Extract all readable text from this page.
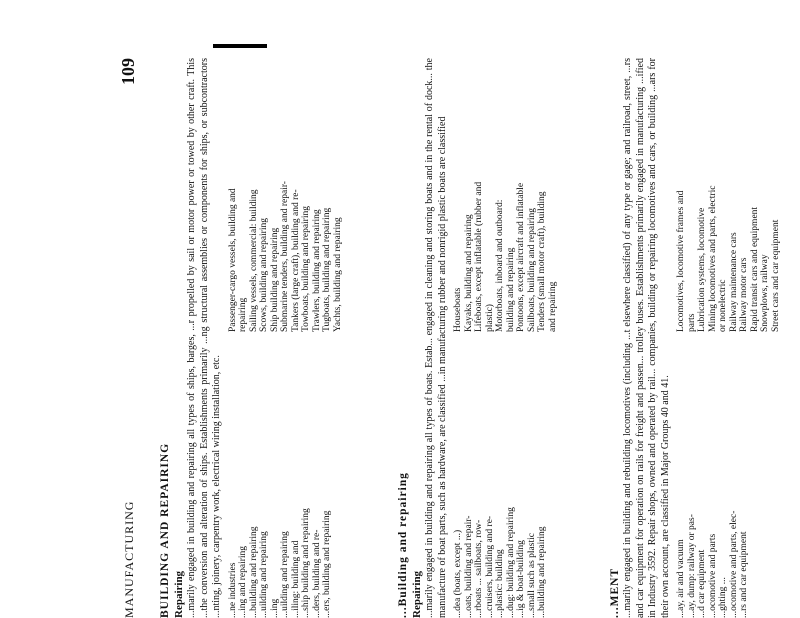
MANUFACTURING
109
BUILDING AND REPAIRING Repairing ...marily engaged in building and repairing all types of ships, barges, ...r propelled by sail or motor power or towed by other craft. This ...the conversion and alteration of ships. Establishments primarily ...ng structural assemblies or components for ships, or subcontractors ...nting, joinery, carpentry work, electrical wiring installation, etc. ...ne industries ...ing and repairing ...building and repairing ...uilding and repairing ...ing ...uilding and repairing ...iling: building and ...ship building and repairing ...ders, building and re- ...ers, building and repairing
Passenger-cargo vessels, building and repairing Sailing vessels, commercial: building Scows, building and repairing Ship building and repairing Submarine tenders, building and repair- Tankers (large craft), building and re- Towboats, building and repairing Trawlers, building and repairing Tugboats, building and repairing Yachts, building and repairing
...Building and repairing Repairing ...marily engaged in building and repairing all types of boats. Estab... engaged in cleaning and storing boats and in the rental of dock... the manufacture of boat parts, such as hardware, are classified ...in manufacturing rubber and nonrigid plastic boats are classified ...dea (boats, except ...) ...oats, building and repair- ...rboats ... sailboats, row- ...cruisers, building and re- ...plastic: building ...dug: building and repairing ...ig & boat-building ...small such as plastic ...building and repairing
Houseboats Kayaks, building and repairing Lifeboats, except inflatable (rubber and plastic) Motorboats, inboard and outboard: building and repairing Pontoons, except aircraft and inflatable Sailboats, building and repairing Tenders (small motor craft), building and repairing
...MENT ...marily engaged in building and rebuilding locomotives (including ...t elsewhere classified) of any type or gage; and railroad, street, ...rs and car equipment for operation on rails for freight and passen... trolley buses. Establishments primarily engaged in manufacturing ...ified in Industry 3592. Repair shops, owned and operated by rail... companies, building or repairing locomotives and cars, or building ...ars for their own account, are classified in Major Groups 40 and 41. ...ay, air and vacuum ...ay, dump: railway or pas- ...d car equipment ...ocomotive and parts ...ghting ... ...ocomotive and parts, elec- ...rs and car equipment
Locomotives, locomotive frames and parts Lubrication systems, locomotive Mining locomotives and parts, electric or nonelectric Railway maintenance cars Railway motor cars Rapid transit cars and equipment Snowplows, railway Street cars and car equipment
